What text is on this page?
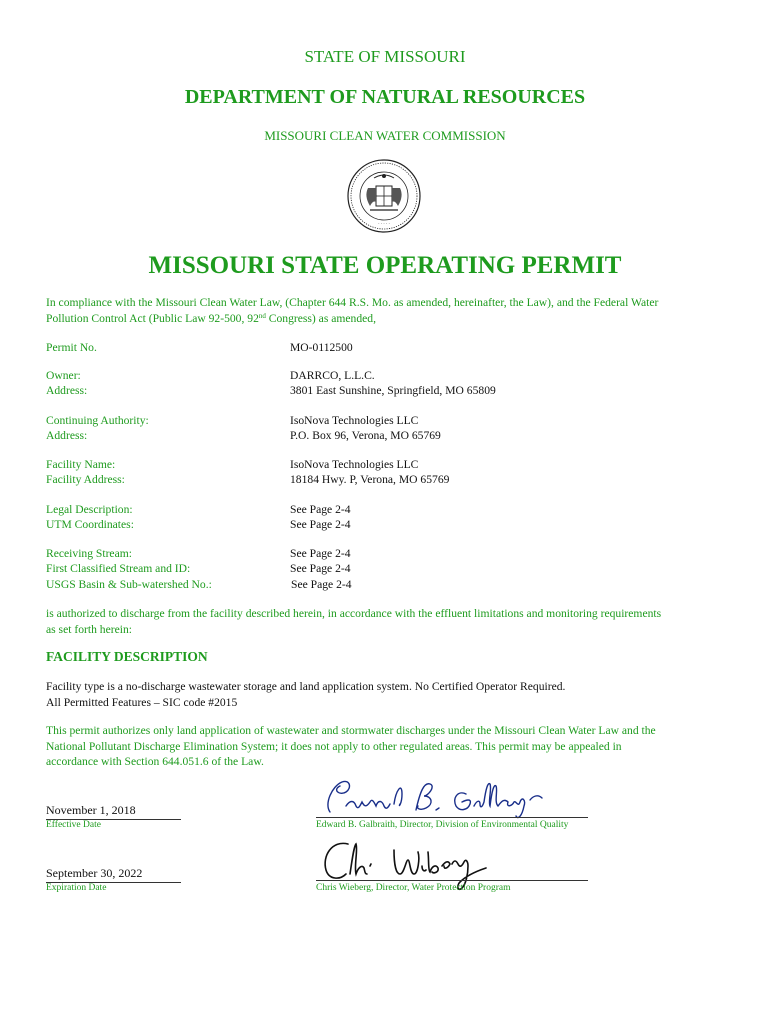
STATE OF MISSOURI
DEPARTMENT OF NATURAL RESOURCES
MISSOURI CLEAN WATER COMMISSION
· · · · ·
MISSOURI STATE OPERATING PERMIT
In compliance with the Missouri Clean Water Law, (Chapter 644 R.S. Mo. as amended, hereinafter, the Law), and the Federal Water
Pollution Control Act (Public Law 92-500, 92nd Congress) as amended,
Permit No.	MO-0112500
Owner:	DARRCO, L.L.C.
Address:	3801 East Sunshine, Springfield, MO 65809
Continuing Authority:	IsoNova Technologies LLC
Address:	P.O. Box 96, Verona, MO 65769
Facility Name:	IsoNova Technologies LLC
Facility Address:	18184 Hwy. P, Verona, MO 65769
Legal Description:	See Page 2-4
UTM Coordinates:	See Page 2-4
Receiving Stream:	See Page 2-4
First Classified Stream and ID:	See Page 2-4
USGS Basin & Sub-watershed No.:	See Page 2-4
is authorized to discharge from the facility described herein, in accordance with the effluent limitations and monitoring requirements
as set forth herein:
FACILITY DESCRIPTION
Facility type is a no-discharge wastewater storage and land application system. No Certified Operator Required.
All Permitted Features – SIC code #2015
This permit authorizes only land application of wastewater and stormwater discharges under the Missouri Clean Water Law and the
National Pollutant Discharge Elimination System; it does not apply to other regulated areas. This permit may be appealed in
accordance with Section 644.051.6 of the Law.
November 1, 2018
Effective Date	Edward B. Galbraith, Director, Division of Environmental Quality
September 30, 2022
Expiration Date	Chris Wieberg, Director, Water Protection Program
